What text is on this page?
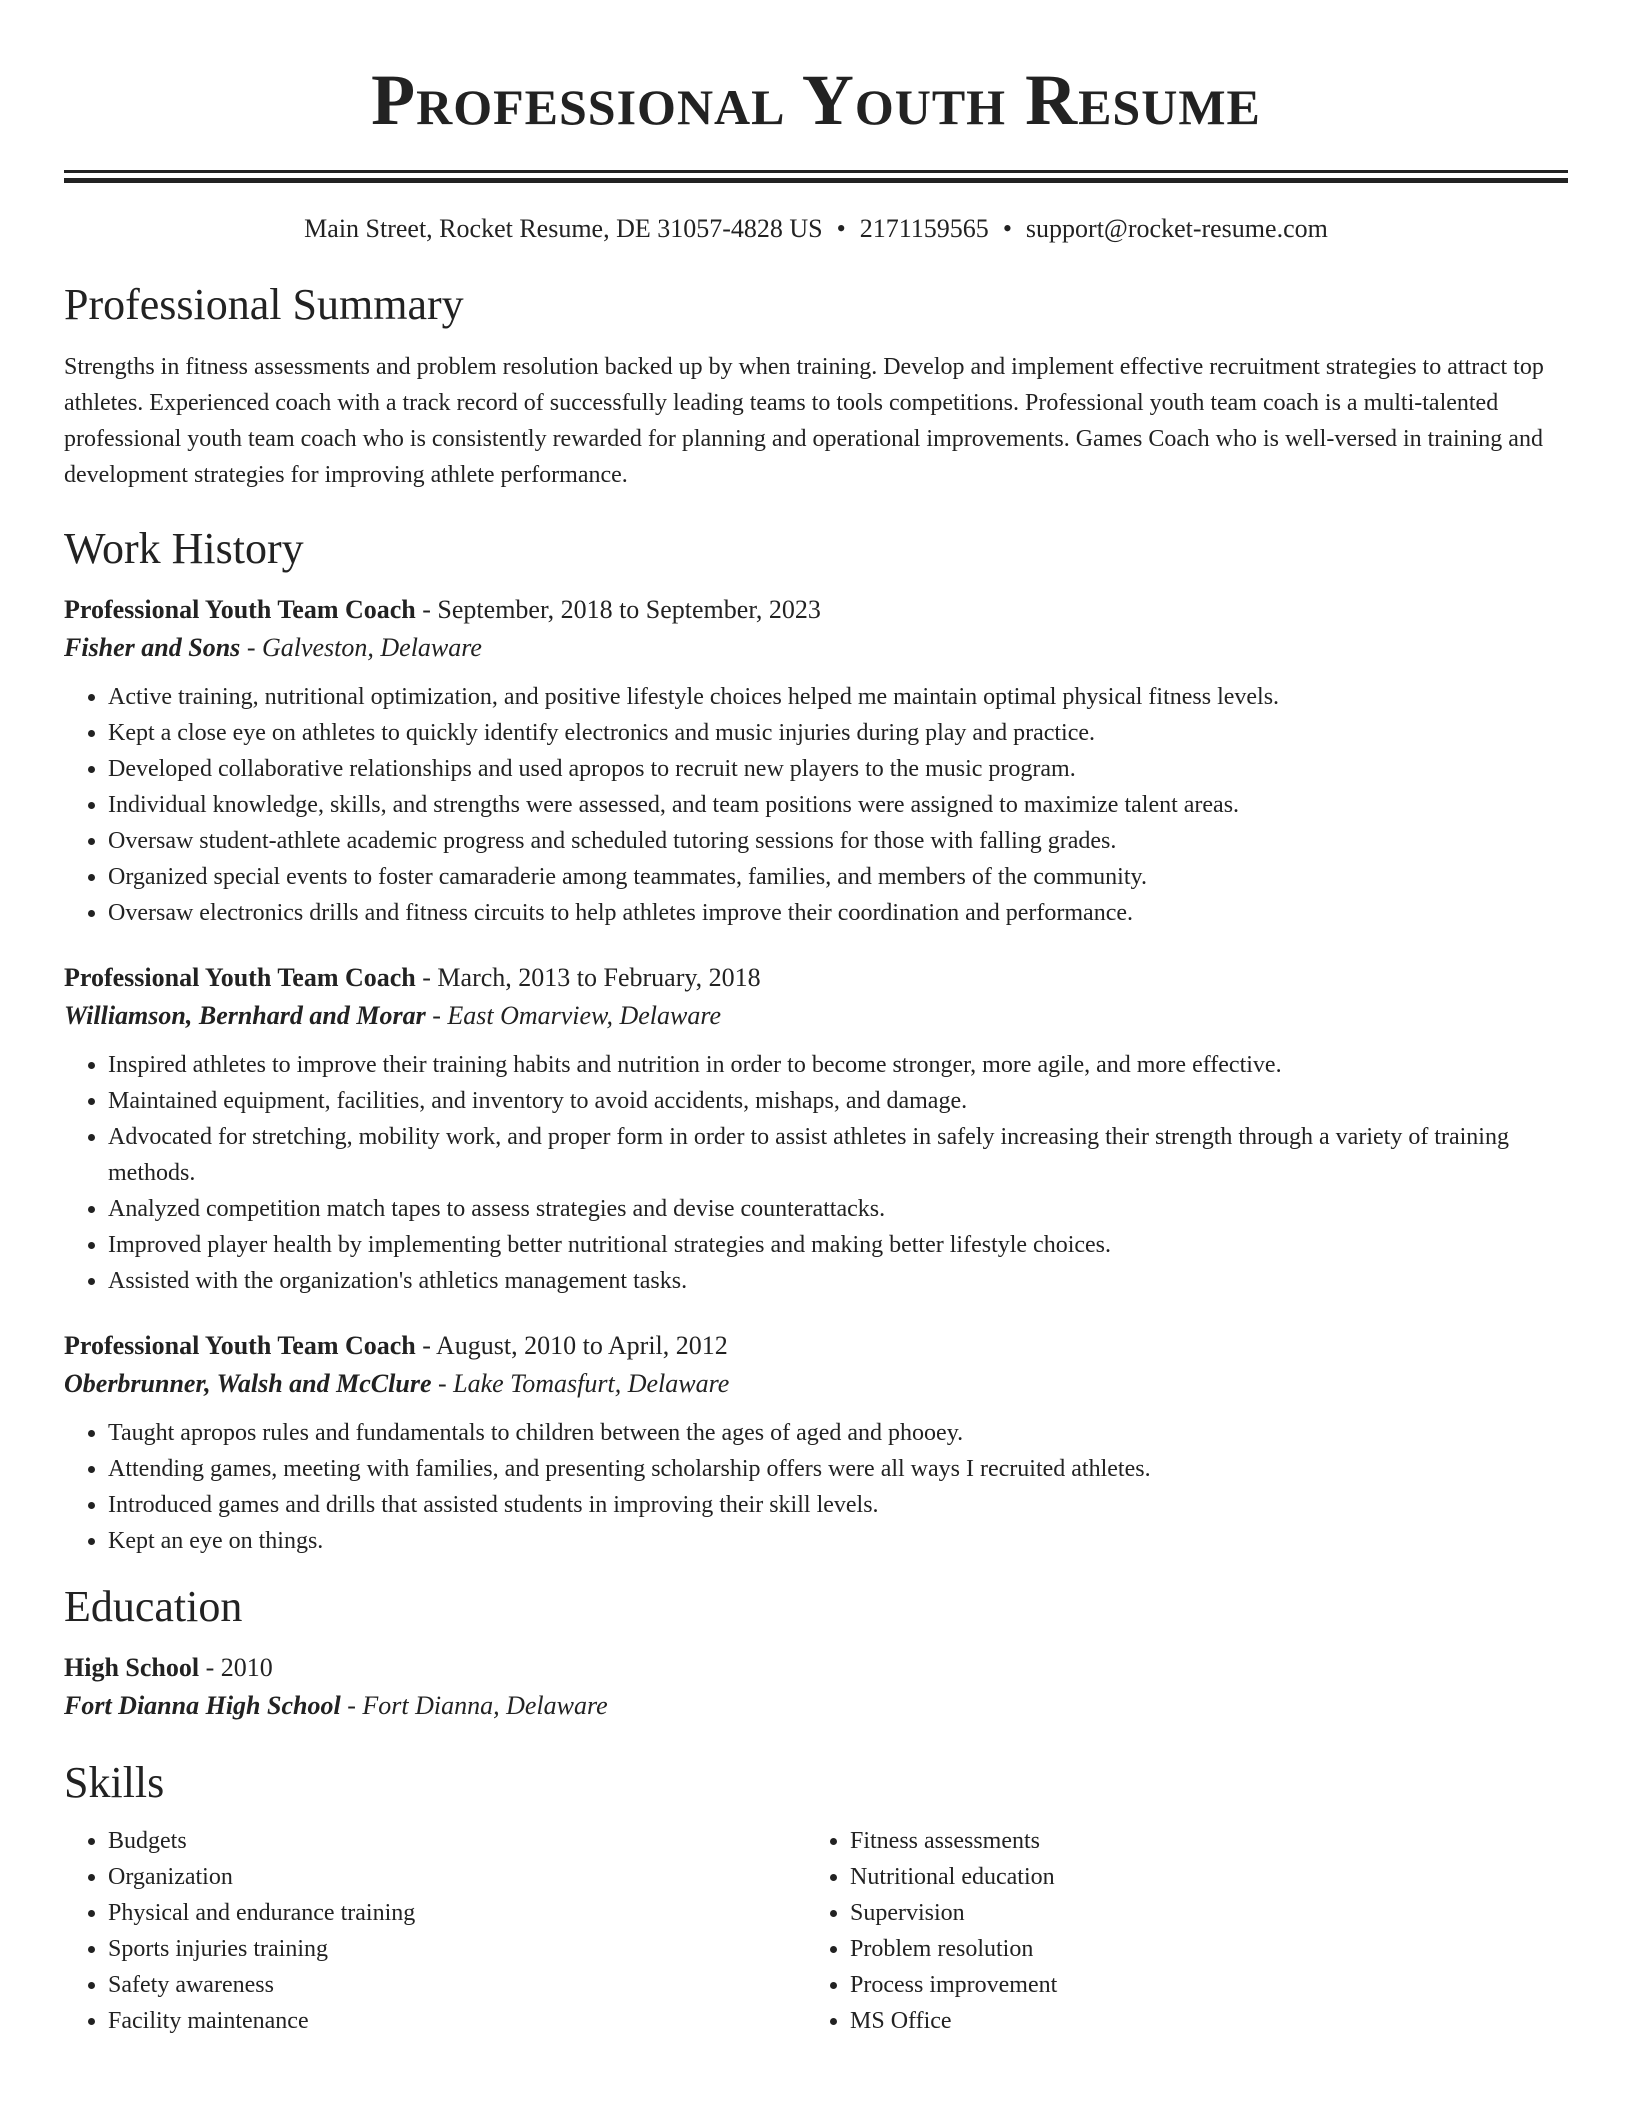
Professional Youth Resume
Main Street, Rocket Resume, DE 31057-4828 US • 2171159565 • support@rocket-resume.com
Professional Summary

Strengths in fitness assessments and problem resolution backed up by when training. Develop and implement effective recruitment strategies to attract top athletes. Experienced coach with a track record of successfully leading teams to tools competitions. Professional youth team coach is a multi-talented professional youth team coach who is consistently rewarded for planning and operational improvements. Games Coach who is well-versed in training and development strategies for improving athlete performance.

Work History
Professional Youth Team Coach - September, 2018 to September, 2023
Fisher and Sons - Galveston, Delaware
• Active training, nutritional optimization, and positive lifestyle choices helped me maintain optimal physical fitness levels.
• Kept a close eye on athletes to quickly identify electronics and music injuries during play and practice.
• Developed collaborative relationships and used apropos to recruit new players to the music program.
• Individual knowledge, skills, and strengths were assessed, and team positions were assigned to maximize talent areas.
• Oversaw student-athlete academic progress and scheduled tutoring sessions for those with falling grades.
• Organized special events to foster camaraderie among teammates, families, and members of the community.
• Oversaw electronics drills and fitness circuits to help athletes improve their coordination and performance.
Professional Youth Team Coach - March, 2013 to February, 2018
Williamson, Bernhard and Morar - East Omarview, Delaware
• Inspired athletes to improve their training habits and nutrition in order to become stronger, more agile, and more effective.
• Maintained equipment, facilities, and inventory to avoid accidents, mishaps, and damage.
• Advocated for stretching, mobility work, and proper form in order to assist athletes in safely increasing their strength through a variety of training methods.
• Analyzed competition match tapes to assess strategies and devise counterattacks.
• Improved player health by implementing better nutritional strategies and making better lifestyle choices.
• Assisted with the organization's athletics management tasks.
Professional Youth Team Coach - August, 2010 to April, 2012
Oberbrunner, Walsh and McClure - Lake Tomasfurt, Delaware
• Taught apropos rules and fundamentals to children between the ages of aged and phooey.
• Attending games, meeting with families, and presenting scholarship offers were all ways I recruited athletes.
• Introduced games and drills that assisted students in improving their skill levels.
• Kept an eye on things.
Education
High School - 2010
Fort Dianna High School - Fort Dianna, Delaware
Skills
• Budgets
• Organization
• Physical and endurance training
• Sports injuries training
• Safety awareness
• Facility maintenance
• Fitness assessments
• Nutritional education
• Supervision
• Problem resolution
• Process improvement
• MS Office
